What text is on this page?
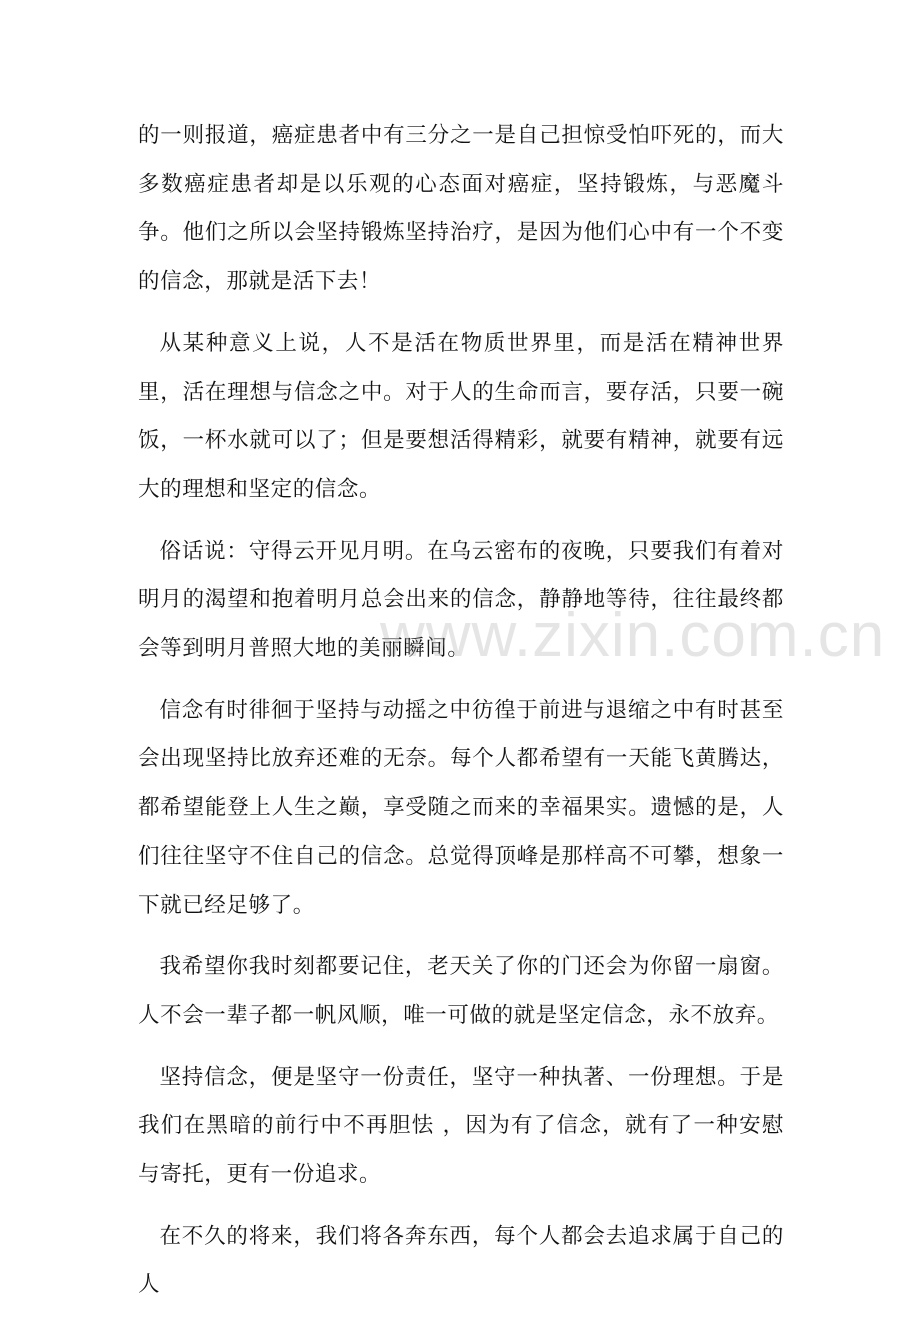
的一则报道，癌症患者中有三分之一是自己担惊受怕吓死的，而大多数癌症患者却是以乐观的心态面对癌症，坚持锻炼，与恶魔斗争。他们之所以会坚持锻炼坚持治疗，是因为他们心中有一个不变的信念，那就是活下去！

从某种意义上说，人不是活在物质世界里，而是活在精神世界里，活在理想与信念之中。对于人的生命而言，要存活，只要一碗饭，一杯水就可以了；但是要想活得精彩，就要有精神，就要有远大的理想和坚定的信念。

俗话说：守得云开见月明。在乌云密布的夜晚，只要我们有着对明月的渴望和抱着明月总会出来的信念，静静地等待，往往最终都会等到明月普照大地的美丽瞬间。

信念有时徘徊于坚持与动摇之中彷徨于前进与退缩之中有时甚至会出现坚持比放弃还难的无奈。每个人都希望有一天能飞黄腾达，都希望能登上人生之巅，享受随之而来的幸福果实。遗憾的是，人们往往坚守不住自己的信念。总觉得顶峰是那样高不可攀，想象一下就已经足够了。

我希望你我时刻都要记住，老天关了你的门还会为你留一扇窗。人不会一辈子都一帆风顺，唯一可做的就是坚定信念，永不放弃。

坚持信念，便是坚守一份责任，坚守一种执著、一份理想。于是我们在黑暗的前行中不再胆怯 ，因为有了信念，就有了一种安慰与寄托，更有一份追求。

在不久的将来，我们将各奔东西，每个人都会去追求属于自己的人

www.zixin.com.cn
